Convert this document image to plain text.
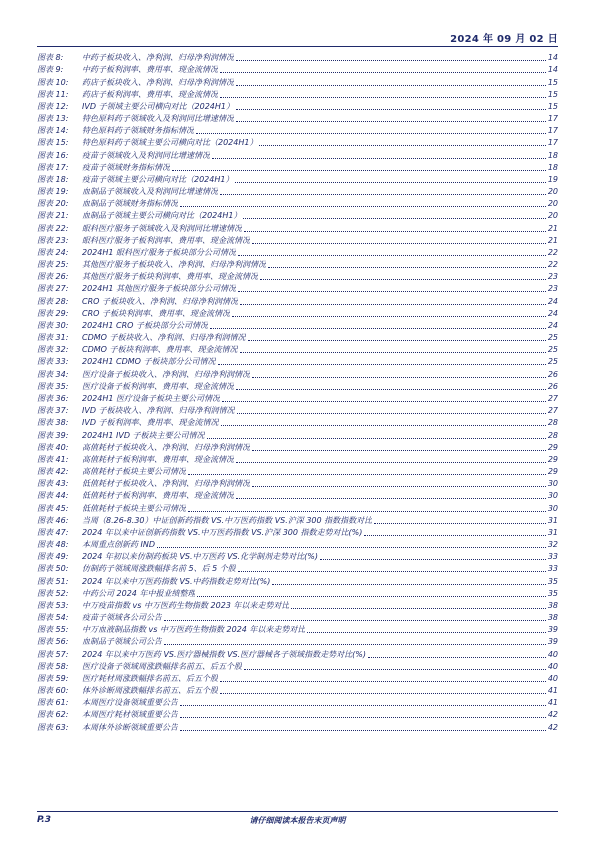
2024 年 09 月 02 日
图表 8:	中药子板块收入、净利润、归母净利润情况	14
图表 9:	中药子板利润率、费用率、现金流情况	14
图表 10:	药店子板块收入、净利润、归母净利润情况	15
图表 11:	药店子板利润率、费用率、现金流情况	15
图表 12:	IVD 子领域主要公司横向对比（2024H1）	15
图表 13:	特色原料药子领域收入及利润同比增速情况	17
图表 14:	特色原料药子领域财务指标情况	17
图表 15:	特色原料药子领域主要公司横向对比（2024H1）	17
图表 16:	疫苗子领域收入及利润同比增速情况	18
图表 17:	疫苗子领域财务指标情况	18
图表 18:	疫苗子领域主要公司横向对比（2024H1）	19
图表 19:	血制品子领域收入及利润同比增速情况	20
图表 20:	血制品子领域财务指标情况	20
图表 21:	血制品子领域主要公司横向对比（2024H1）	20
图表 22:	眼科医疗服务子领域收入及利润同比增速情况	21
图表 23:	眼科医疗服务子板利润率、费用率、现金流情况	21
图表 24:	2024H1 眼科医疗服务子板块部分公司情况	22
图表 25:	其他医疗服务子板块收入、净利润、归母净利润情况	22
图表 26:	其他医疗服务子板块利润率、费用率、现金流情况	23
图表 27:	2024H1 其他医疗服务子板块部分公司情况	23
图表 28:	CRO 子板块收入、净利润、归母净利润情况	24
图表 29:	CRO 子板块利润率、费用率、现金流情况	24
图表 30:	2024H1 CRO 子板块部分公司情况	24
图表 31:	CDMO 子板块收入、净利润、归母净利润情况	25
图表 32:	CDMO 子板块利润率、费用率、现金流情况	25
图表 33:	2024H1 CDMO 子板块部分公司情况	25
图表 34:	医疗设备子板块收入、净利润、归母净利润情况	26
图表 35:	医疗设备子板利润率、费用率、现金流情况	26
图表 36:	2024H1 医疗设备子板块主要公司情况	27
图表 37:	IVD 子板块收入、净利润、归母净利润情况	27
图表 38:	IVD 子板利润率、费用率、现金流情况	28
图表 39:	2024H1 IVD 子板块主要公司情况	28
图表 40:	高值耗材子板块收入、净利润、归母净利润情况	29
图表 41:	高值耗材子板利润率、费用率、现金流情况	29
图表 42:	高值耗材子板块主要公司情况	29
图表 43:	低值耗材子板块收入、净利润、归母净利润情况	30
图表 44:	低值耗材子板利润率、费用率、现金流情况	30
图表 45:	低值耗材子板块主要公司情况	30
图表 46:	当周（8.26-8.30）中证创新药指数 VS.中万医药指数 VS.沪深 300 指数指数对比	31
图表 47:	2024 年以来中证创新药指数 VS.中万医药指数 VS.沪深 300 指数走势对比(%)	31
图表 48:	本周重点创新药 IND	32
图表 49:	2024 年初以来仿制药板块 VS.中万医药 VS.化学制剂走势对比(%)	33
图表 50:	仿制药子领域周涨跌幅排名前 5、后 5 个股	33
图表 51:	2024 年以来中万医药指数 VS.中药指数走势对比(%)	35
图表 52:	中药公司 2024 年中报业绩整理	35
图表 53:	中万疫苗指数 vs 中万医药生物指数 2023 年以来走势对比	38
图表 54:	疫苗子领域各公司公告	38
图表 55:	中万血液制品指数 vs 中万医药生物指数 2024 年以来走势对比	39
图表 56:	血制品子领域公司公告	39
图表 57:	2024 年以来中万医药 VS.医疗器械指数 VS.医疗器械各子领域指数走势对比(%)	40
图表 58:	医疗设备子领域周涨跌幅排名前五、后五个股	40
图表 59:	医疗耗材周涨跌幅排名前五、后五个股	40
图表 60:	体外诊断周涨跌幅排名前五、后五个股	41
图表 61:	本周医疗设备领域重要公告	41
图表 62:	本周医疗耗材领域重要公告	42
图表 63:	本周体外诊断领域重要公告	42
P.3	请仔细阅读本报告末页声明
